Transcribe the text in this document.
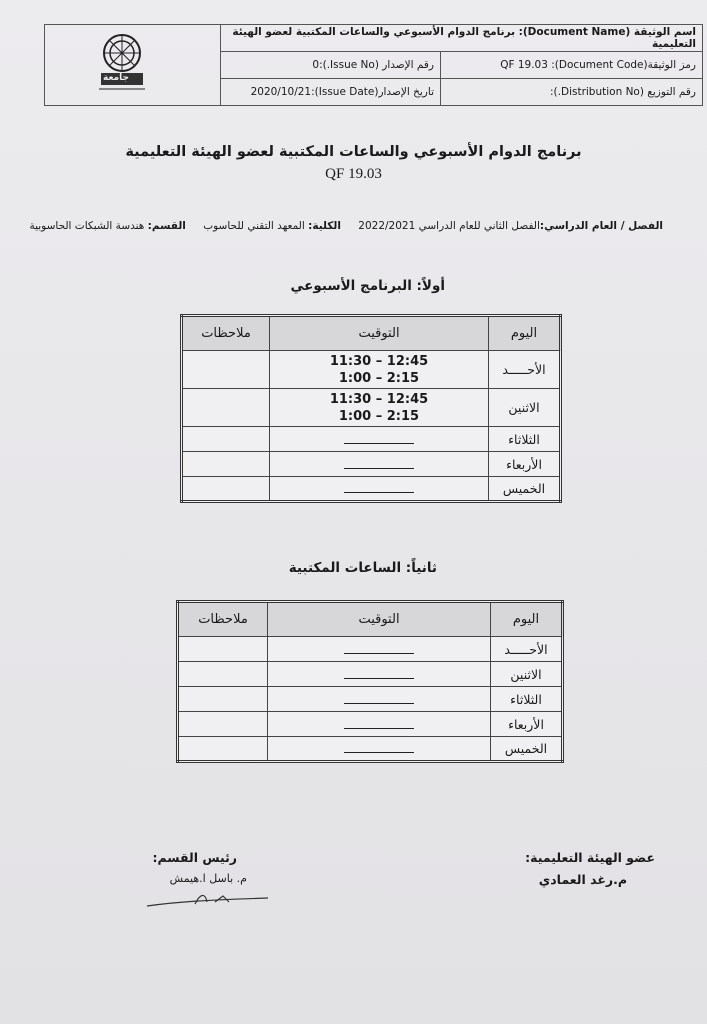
جامعة
اسم الوثيقة (Document Name): برنامج الدوام الأسبوعي والساعات المكتبية لعضو الهيئة التعليمية
رمز الوثيقة(Document Code): QF 19.03
رقم الإصدار (Issue No.):0
رقم التوزيع (Distribution No.):
تاريخ الإصدار(Issue Date):2020/10/21
برنامج الدوام الأسبوعي والساعات المكتبية لعضو الهيئة التعليمية
QF 19.03
الفصل / العام الدراسي:الفصل الثاني للعام الدراسي 2022/2021 الكلية: المعهد التقني للحاسوب القسم: هندسة الشبكات الحاسوبية
أولاً: البرنامج الأسبوعي
اليوم	التوقيت	ملاحظات
الأحـــــد	11:30 – 12:45
1:00 – 2:15	

الاثنين	11:30 – 12:45
1:00 – 2:15	

الثلاثاء		
الأربعاء		
الخميس		
ثانياً: الساعات المكتبية
اليوم	التوقيت	ملاحظات
الأحـــــد		
الاثنين		
الثلاثاء		
الأربعاء		
الخميس		
عضو الهيئة التعليمية:
م.رغد العمادي
رئيس القسم:
م. باسل ا.هيمش
